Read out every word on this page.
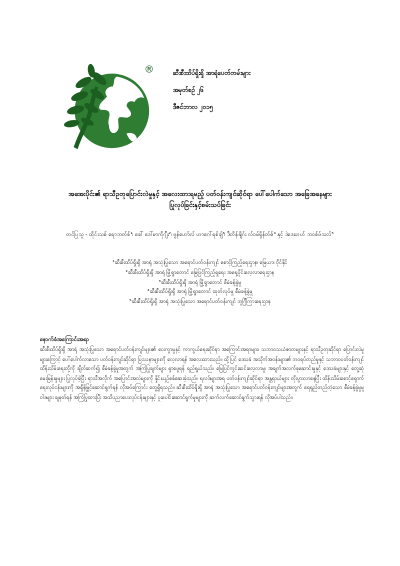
®	ဆီးစီးထိပ်ရှိုးရှိ အာရုံပေတ်တမ်းများ
အမှတ်စဉ် ၂၆
ဒီဇင်ဘာလ ၂၀၁၅
အအေးပိုင်း၏ ရာသီဥတုပြောင်းလဲမှုနှင့် အလေးထားရမည့် ပတ်ဝန်းကျင်ဆိုင်ရာ ပေါ်ပေါက်သော အခြေအနေများ
ပြုလုပ်ခြင်းနှင့်စမ်းသပ်ခြင်း
တင်ပြသူ - ထိုင်းသစ် ရောဘတ်စ်¹၊ ခေါ် ဒေါ်မာကိုဂျီး²၊ ဗွန်ဟော်လ် ဟာဂေါ်ရစ်ချ်³၊ ဒီတိန်ချိဂ်း လ်ဝမ်ရှိန်တ်ဇ်⁴ နှင့် ဒဲဒေးဟဟ် ဘ၀စ်ဖ်သလ်⁵
¹ဆီးစီးထိပ်ရှိုးရှိ အာရုံ အသုံးပြုသော အရောင်ပတ်ဝန်းကျင် စောင့်ကြည့်ရေးဌာန၊ မြေယာ၊ ဝိုင်နိုင်
²ဆီးစီးထိပ်ရှိုးရှိ အာရုံ မြို့ရွာတောင် မြေပြင်ကြည့်ရှုရေး အရှေ့ပိုင်းလေ့လာရေးဌာန
³ဆီးစီးထိပ်ရှိုးရှိ အာရုံ မြို့ရွာတောင် စီမံခန့်ခွဲမှု
⁴ဆီးစီးထိပ်ရှိုးရှိ အာရုံ မြို့ရွာတောင် ထုတ်လုပ်မှု စီမံခန့်ခွဲမှု
⁵ဆီးစီးထိပ်ရှိုးရှိ အာရုံ အသုံးပြုသော အရောင်ပတ်ဝန်းကျင် ဘူဂြီကြားရေးဌာန
နောက်ခံအကြောင်းအရာ
ဆီးစီးထိပ်ရှိုးရှိ အာရုံ အသုံးပြုသော အရောင်ပတ်ဝန်းကျင်များ၏ ဝေးကွာမှုနှင့် ကာကွယ်ရေးဆိုင်ရာ အကြောင်းအရာများ၊ သဘာဝသယံဇာတများနှင့် ရာသီဥတုဆိုင်ရာ ပြောင်းလဲမှုများကြောင့် ပေါ်ပေါက်လာသော ပတ်ဝန်းကျင်ဆိုင်ရာ ပြဿနာများကို လေ့လာရန် အလေးထားသည်။ ထို့ပြင် ဒေသခံ အသိုက်အဝန်းများ၏ ဘဝရပ်တည်မှုနှင့် သဘာဝပတ်ဝန်းကျင် ထိန်းသိမ်းရေးတို့ကို ချိတ်ဆက်၍ စီမံခန့်ခွဲမှုအတွက် အကြံပြုချက်များ ရှာဖွေရန် ရည်ရွယ်သည်။ မြေပြင်ကွင်းဆင်းလေ့လာမှု၊ အချက်အလက်စုဆောင်းမှုနှင့် ဒေသခံများနှင့် တွေ့ဆုံမေးမြန်းမှုများ ပြုလုပ်ခဲ့ပြီး ရာသီအလိုက် အပြောင်းအလဲများကို နှိုင်းယှဉ်စစ်ဆေးခဲ့သည်။ ရလဒ်များအရ ပတ်ဝန်းကျင်ဆိုင်ရာ အန္တရာယ်များ တိုးပွားလာနေပြီး ထိန်းသိမ်းစောင့်ရှောက်ရေးလုပ်ငန်းများကို အရှိန်မြှင့်ဆောင်ရွက်ရန် လိုအပ်ကြောင်း တွေ့ရှိရသည်။ ဆီးစီးထိပ်ရှိုးရှိ အာရုံ အသုံးပြုသော အရောင်ပတ်ဝန်းကျင်များအတွက် ရေရှည်တည်တံ့သော စီမံခန့်ခွဲမှုမူဝါဒများ ချမှတ်ရန် အကြံပြုထားပြီး အသိပညာပေးလုပ်ငန်းများနှင့် ပူးပေါင်းဆောင်ရွက်မှုများကို ဆက်လက်ဆောင်ရွက်သွားရန် လိုအပ်ပါသည်။
